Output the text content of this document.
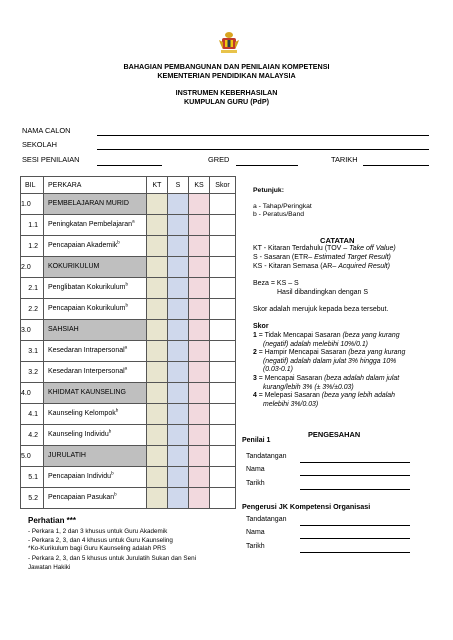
BAHAGIAN PEMBANGUNAN DAN PENILAIAN KOMPETENSI
KEMENTERIAN PENDIDIKAN MALAYSIA
INSTRUMEN KEBERHASILAN
KUMPULAN GURU (PdP)
NAMA CALON
SEKOLAH
SESI PENILAIAN	GRED	TARIKH
BIL	PERKARA	KT	S	KS	Skor
1.0	PEMBELAJARAN MURID				
1.1	Peningkatan Pembelajaran$^a$				
1.2	Pencapaian Akademik$^b$				
2.0	KOKURIKULUM				
2.1	Penglibatan Kokurikulum$^b$				
2.2	Pencapaian Kokurikulum$^b$				
3.0	SAHSIAH				
3.1	Kesedaran Intrapersonal$^a$				
3.2	Kesedaran Interpersonal$^a$				
4.0	KHIDMAT KAUNSELING				
4.1	Kaunseling Kelompok$^b$				
4.2	Kaunseling Individu$^b$				
5.0	JURULATIH				
5.1	Pencapaian Individu$^b$				
5.2	Pencapaian Pasukan$^b$				
Petunjuk:
a - Tahap/Peringkat
b - Peratus/Band
CATATAN
KT - Kitaran Terdahulu (TOV – Take off Value)
S - Sasaran (ETR– Estimated Target Result)
KS - Kitaran Semasa (AR– Acquired Result)
Beza = KS – S
Hasil dibandingkan dengan S
Skor adalah merujuk kepada beza tersebut.
Skor
1 = Tidak Mencapai Sasaran (beza yang kurang
(negatif) adalah melebihi 10%/0.1)
2 = Hampir Mencapai Sasaran (beza yang kurang
(negatif) adalah dalam julat 3% hingga 10%
(0.03-0.1)
3 = Mencapai Sasaran (beza adalah dalam julat
kurang/lebih 3% (± 3%/±0.03)
4 = Melepasi Sasaran (beza yang lebih adalah
melebihi 3%/0.03)
PENGESAHAN
Penilai 1
Tandatangan
Nama
Tarikh
Pengerusi JK Kompetensi Organisasi
Tandatangan
Nama
Tarikh
Perhatian ***
- Perkara 1, 2 dan 3 khusus untuk Guru Akademik
- Perkara 2, 3, dan 4 khusus untuk Guru Kaunseling
*Ko-Kurikulum bagi Guru Kaunseling adalah PRS
- Perkara 2, 3, dan 5 khusus untuk Jurulatih Sukan dan Seni
Jawatan Hakiki
